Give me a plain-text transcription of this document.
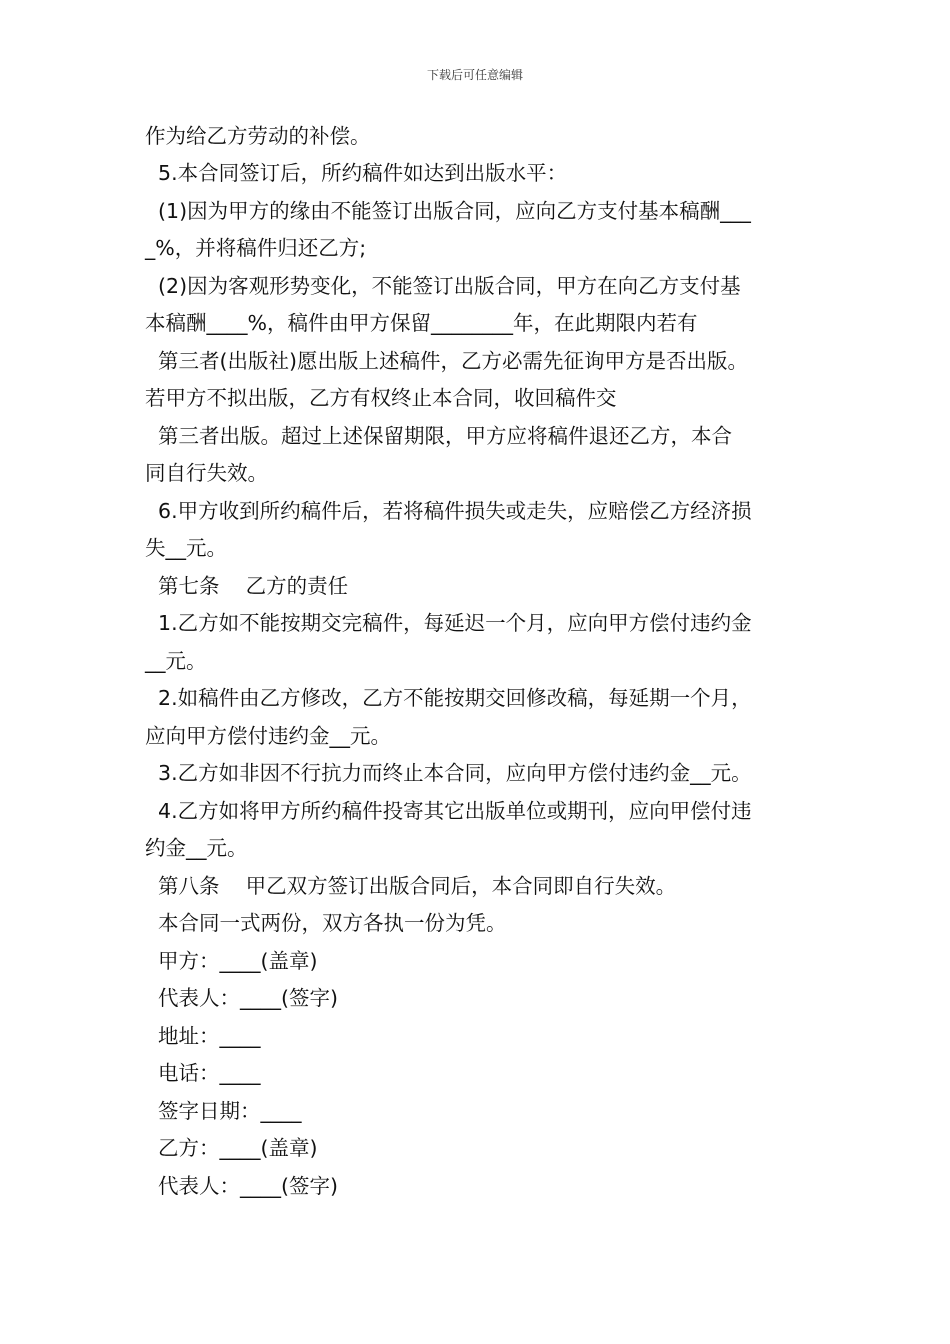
下载后可任意编辑
作为给乙方劳动的补偿。
5.本合同签订后，所约稿件如达到出版水平：
(1)因为甲方的缘由不能签订出版合同，应向乙方支付基本稿酬___
_%，并将稿件归还乙方;
(2)因为客观形势变化，不能签订出版合同，甲方在向乙方支付基
本稿酬____%，稿件由甲方保留________年，在此期限内若有
第三者(出版社)愿出版上述稿件，乙方必需先征询甲方是否出版。
若甲方不拟出版，乙方有权终止本合同，收回稿件交
第三者出版。超过上述保留期限，甲方应将稿件退还乙方，本合
同自行失效。
6.甲方收到所约稿件后，若将稿件损失或走失，应赔偿乙方经济损
失__元。
第七条    乙方的责任
1.乙方如不能按期交完稿件，每延迟一个月，应向甲方偿付违约金
__元。
2.如稿件由乙方修改，乙方不能按期交回修改稿，每延期一个月，
应向甲方偿付违约金__元。
3.乙方如非因不行抗力而终止本合同，应向甲方偿付违约金__元。
4.乙方如将甲方所约稿件投寄其它出版单位或期刊，应向甲偿付违
约金__元。
第八条    甲乙双方签订出版合同后，本合同即自行失效。
本合同一式两份，双方各执一份为凭。
甲方：____(盖章)
代表人：____(签字)
地址：____
电话：____
签字日期：____
乙方：____(盖章)
代表人：____(签字)
